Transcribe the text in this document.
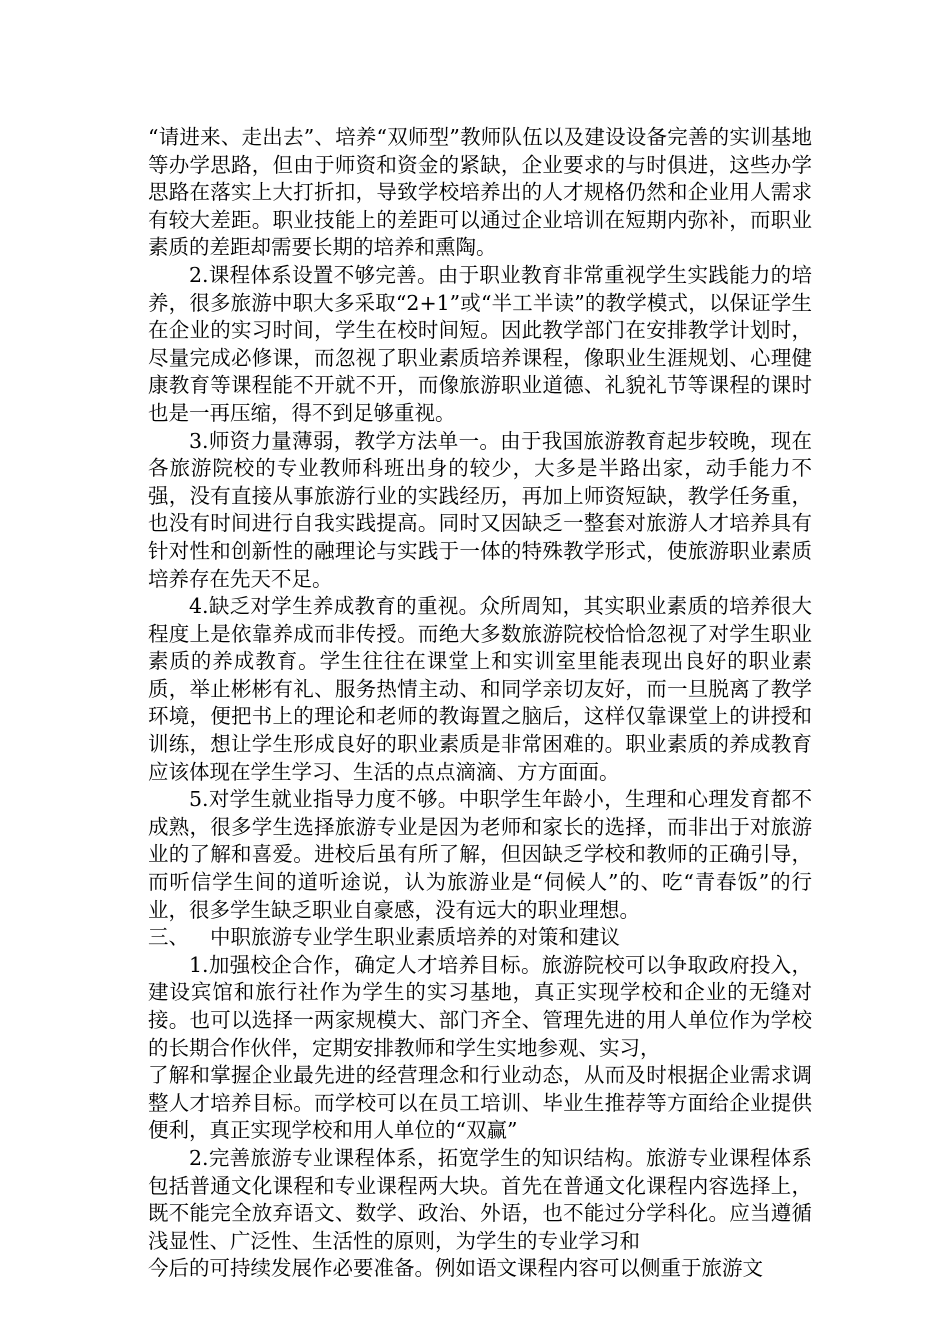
“请进来、走出去”、培养“双师型”教师队伍以及建设设备完善的实训基地等办学思路，但由于师资和资金的紧缺，企业要求的与时俱进，这些办学思路在落实上大打折扣，导致学校培养出的人才规格仍然和企业用人需求有较大差距。职业技能上的差距可以通过企业培训在短期内弥补，而职业素质的差距却需要长期的培养和熏陶。

2.课程体系设置不够完善。由于职业教育非常重视学生实践能力的培养，很多旅游中职大多采取“2+1”或“半工半读”的教学模式，以保证学生在企业的实习时间，学生在校时间短。因此教学部门在安排教学计划时，尽量完成必修课，而忽视了职业素质培养课程，像职业生涯规划、心理健康教育等课程能不开就不开，而像旅游职业道德、礼貌礼节等课程的课时也是一再压缩，得不到足够重视。

3.师资力量薄弱，教学方法单一。由于我国旅游教育起步较晚，现在各旅游院校的专业教师科班出身的较少，大多是半路出家，动手能力不强，没有直接从事旅游行业的实践经历，再加上师资短缺，教学任务重，也没有时间进行自我实践提高。同时又因缺乏一整套对旅游人才培养具有针对性和创新性的融理论与实践于一体的特殊教学形式，使旅游职业素质培养存在先天不足。

4.缺乏对学生养成教育的重视。众所周知，其实职业素质的培养很大程度上是依靠养成而非传授。而绝大多数旅游院校恰恰忽视了对学生职业素质的养成教育。学生往往在课堂上和实训室里能表现出良好的职业素质，举止彬彬有礼、服务热情主动、和同学亲切友好，而一旦脱离了教学环境，便把书上的理论和老师的教诲置之脑后，这样仅靠课堂上的讲授和训练，想让学生形成良好的职业素质是非常困难的。职业素质的养成教育应该体现在学生学习、生活的点点滴滴、方方面面。

5.对学生就业指导力度不够。中职学生年龄小，生理和心理发育都不成熟，很多学生选择旅游专业是因为老师和家长的选择，而非出于对旅游业的了解和喜爱。进校后虽有所了解，但因缺乏学校和教师的正确引导，而听信学生间的道听途说，认为旅游业是“伺候人”的、吃“青春饭”的行业，很多学生缺乏职业自豪感，没有远大的职业理想。

三、 中职旅游专业学生职业素质培养的对策和建议

1.加强校企合作，确定人才培养目标。旅游院校可以争取政府投入，建设宾馆和旅行社作为学生的实习基地，真正实现学校和企业的无缝对接。也可以选择一两家规模大、部门齐全、管理先进的用人单位作为学校的长期合作伙伴，定期安排教师和学生实地参观、实习，

了解和掌握企业最先进的经营理念和行业动态，从而及时根据企业需求调整人才培养目标。而学校可以在员工培训、毕业生推荐等方面给企业提供便利，真正实现学校和用人单位的“双赢”

2.完善旅游专业课程体系，拓宽学生的知识结构。旅游专业课程体系包括普通文化课程和专业课程两大块。首先在普通文化课程内容选择上，既不能完全放弃语文、数学、政治、外语，也不能过分学科化。应当遵循浅显性、广泛性、生活性的原则，为学生的专业学习和

今后的可持续发展作必要准备。例如语文课程内容可以侧重于旅游文
